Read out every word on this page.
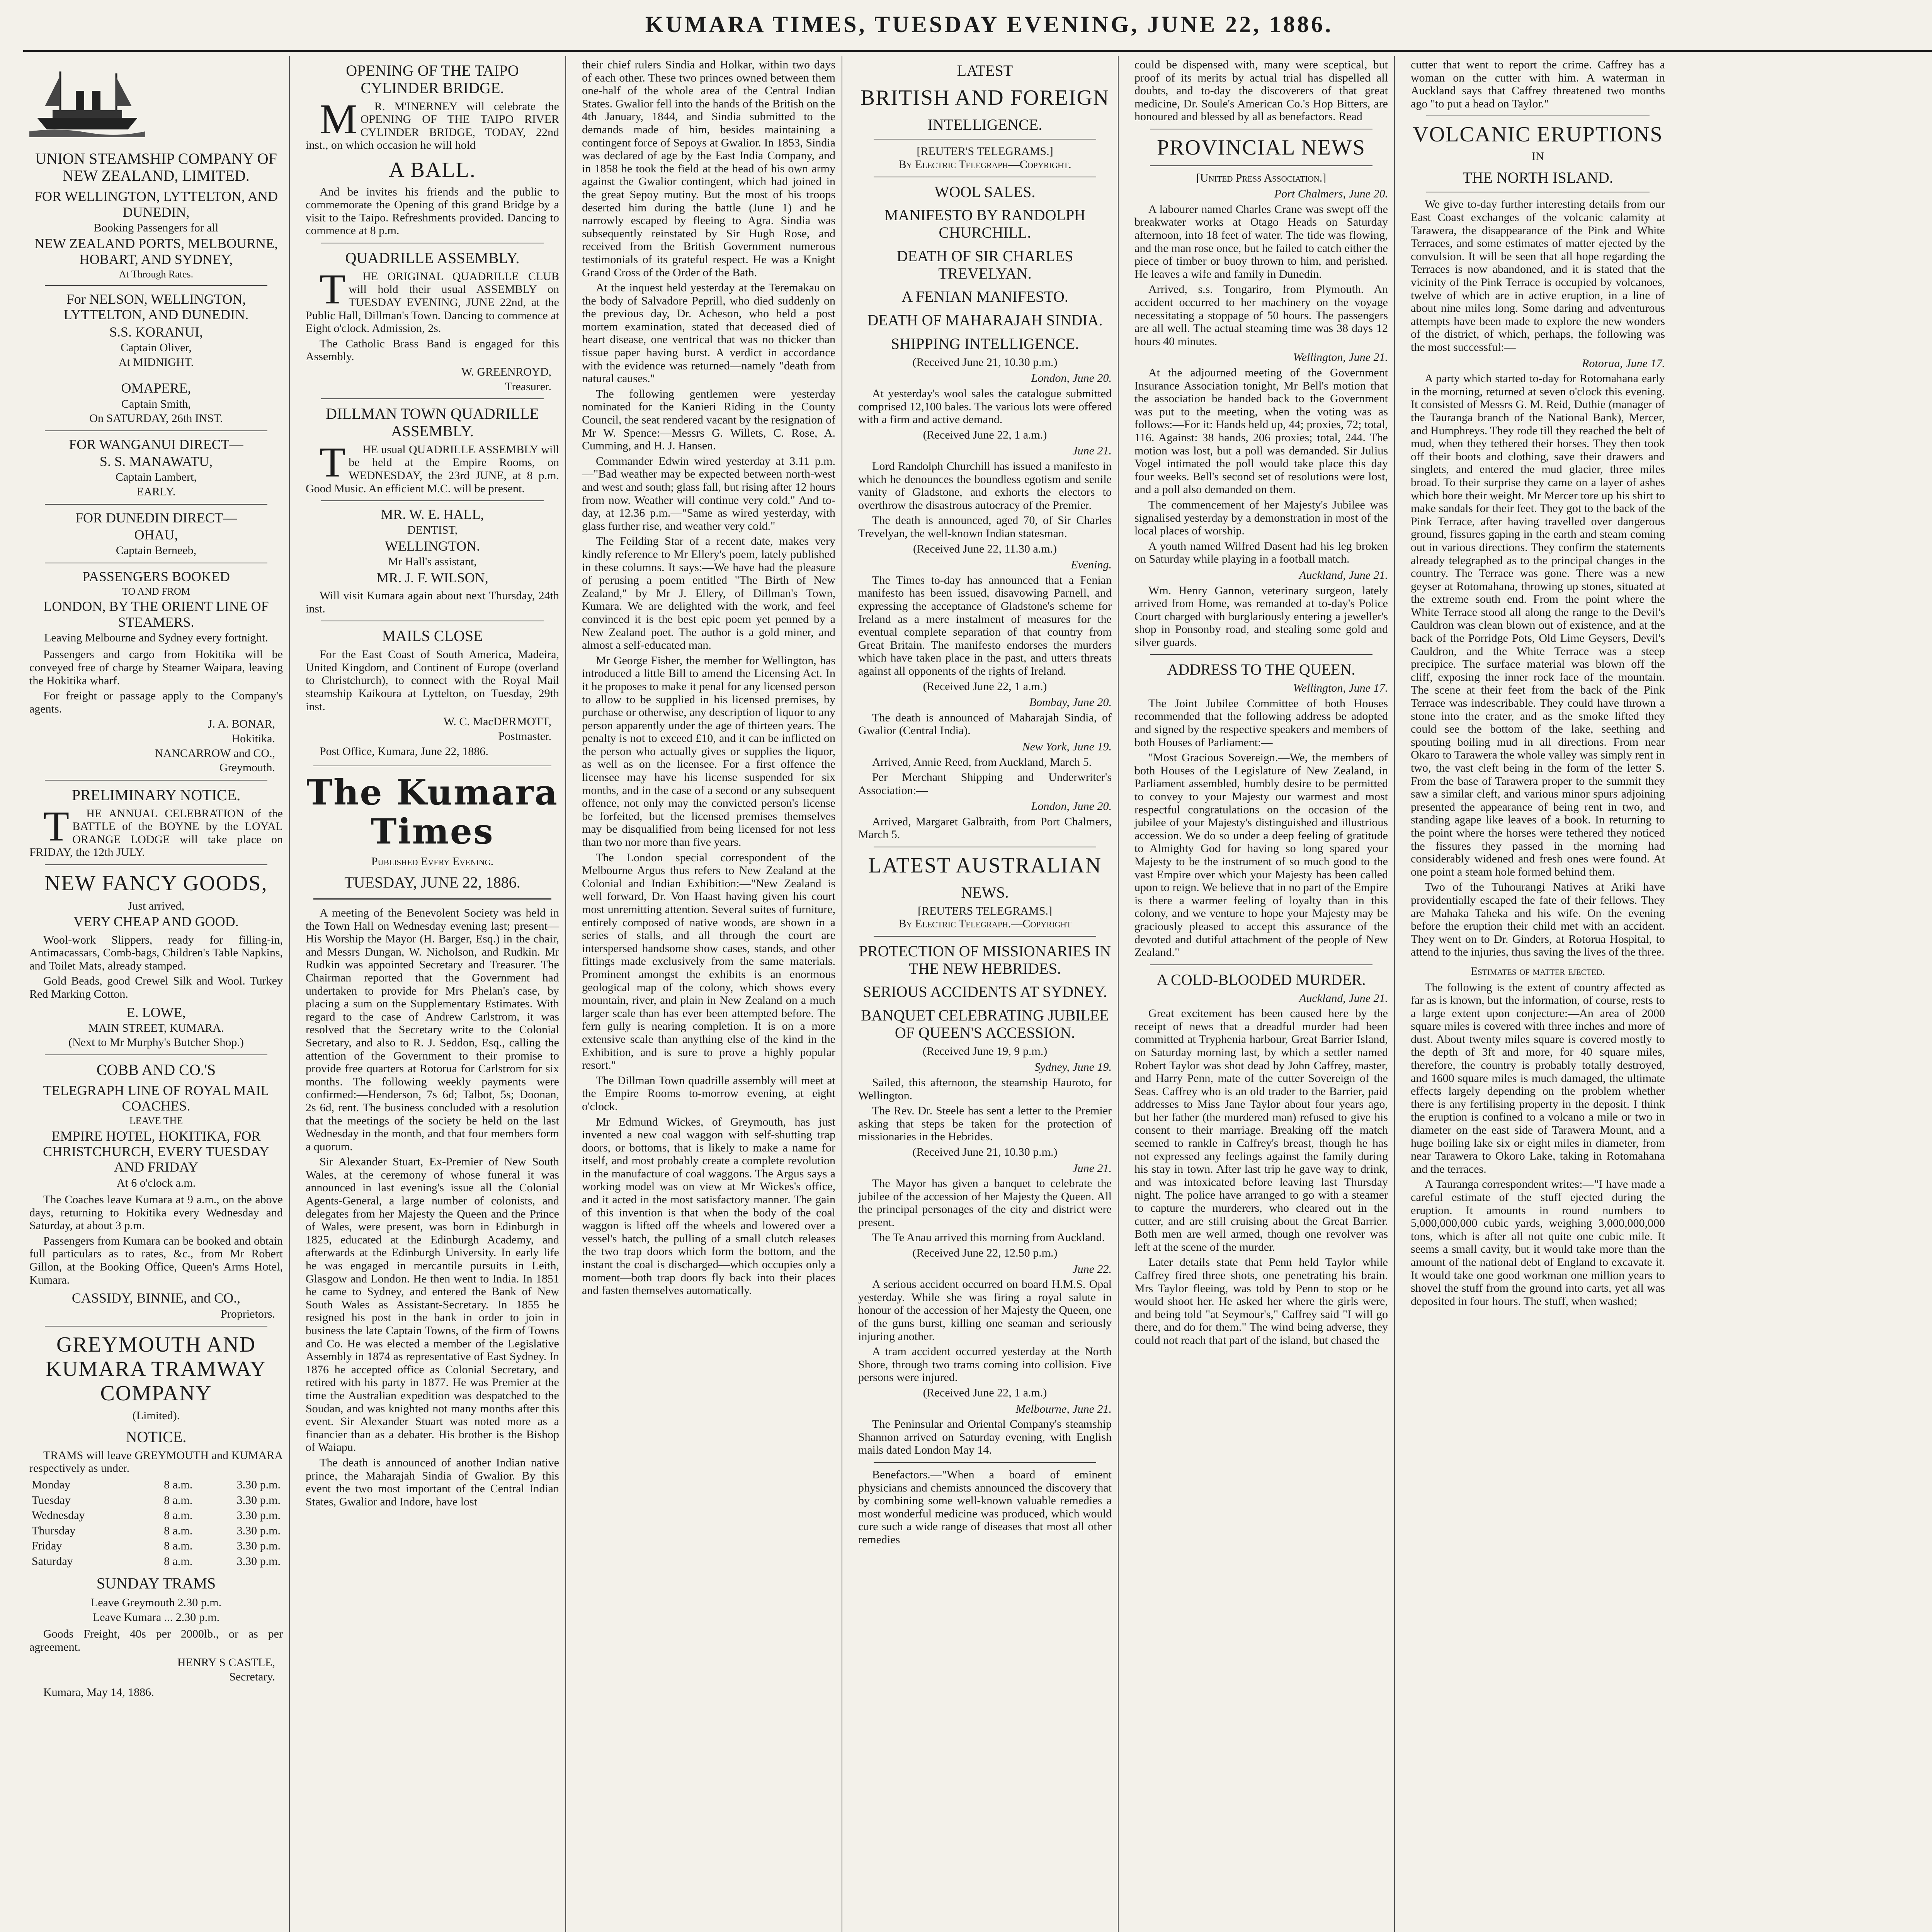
KUMARA TIMES, TUESDAY EVENING, JUNE 22, 1886.
UNION STEAMSHIP COMPANY OF NEW ZEALAND, LIMITED.
FOR WELLINGTON, LYTTELTON, AND DUNEDIN,
Booking Passengers for all
NEW ZEALAND PORTS, MELBOURNE, HOBART, AND SYDNEY,
At Through Rates.
For NELSON, WELLINGTON, LYTTELTON, AND DUNEDIN.
S.S. KORANUI,
Captain Oliver,
At MIDNIGHT.
OMAPERE,
Captain Smith,
On SATURDAY, 26th INST.
FOR WANGANUI DIRECT—
S. S. MANAWATU,
Captain Lambert,
EARLY.
FOR DUNEDIN DIRECT—
OHAU,
Captain Berneeb,
PASSENGERS BOOKED
TO AND FROM
LONDON, BY THE ORIENT LINE OF STEAMERS.
Leaving Melbourne and Sydney every fortnight.
Passengers and cargo from Hokitika will be conveyed free of charge by Steamer Waipara, leaving the Hokitika wharf.
For freight or passage apply to the Company's agents.
J. A. BONAR,
Hokitika.
NANCARROW and CO.,
Greymouth.
PRELIMINARY NOTICE.
THE ANNUAL CELEBRATION of the BATTLE of the BOYNE by the LOYAL ORANGE LODGE will take place on FRIDAY, the 12th JULY.
NEW FANCY GOODS,
Just arrived,
VERY CHEAP AND GOOD.
Wool-work Slippers, ready for filling-in, Antimacassars, Comb-bags, Children's Table Napkins, and Toilet Mats, already stamped.
Gold Beads, good Crewel Silk and Wool. Turkey Red Marking Cotton.
E. LOWE,
MAIN STREET, KUMARA.
(Next to Mr Murphy's Butcher Shop.)
COBB AND CO.'S
TELEGRAPH LINE OF ROYAL MAIL COACHES.
LEAVE THE
EMPIRE HOTEL, HOKITIKA, FOR CHRISTCHURCH, EVERY TUESDAY AND FRIDAY
At 6 o'clock a.m.
The Coaches leave Kumara at 9 a.m., on the above days, returning to Hokitika every Wednesday and Saturday, at about 3 p.m.
Passengers from Kumara can be booked and obtain full particulars as to rates, &c., from Mr Robert Gillon, at the Booking Office, Queen's Arms Hotel, Kumara.
CASSIDY, BINNIE, and CO.,
Proprietors.
GREYMOUTH AND KUMARA TRAMWAY COMPANY
(Limited).
NOTICE.
TRAMS will leave GREYMOUTH and KUMARA respectively as under.
Monday	8 a.m.	3.30 p.m.
Tuesday	8 a.m.	3.30 p.m.
Wednesday	8 a.m.	3.30 p.m.
Thursday	8 a.m.	3.30 p.m.
Friday	8 a.m.	3.30 p.m.
Saturday	8 a.m.	3.30 p.m.
SUNDAY TRAMS
Leave Greymouth 2.30 p.m.
Leave Kumara ... 2.30 p.m.
Goods Freight, 40s per 2000lb., or as per agreement.
HENRY S CASTLE,
Secretary.
Kumara, May 14, 1886.
OPENING OF THE TAIPO CYLINDER BRIDGE.
MR. M'INERNEY will celebrate the OPENING OF THE TAIPO RIVER CYLINDER BRIDGE, TODAY, 22nd inst., on which occasion he will hold
A BALL.
And be invites his friends and the public to commemorate the Opening of this grand Bridge by a visit to the Taipo. Refreshments provided. Dancing to commence at 8 p.m.
QUADRILLE ASSEMBLY.
THE ORIGINAL QUADRILLE CLUB will hold their usual ASSEMBLY on TUESDAY EVENING, JUNE 22nd, at the Public Hall, Dillman's Town. Dancing to commence at Eight o'clock. Admission, 2s.
The Catholic Brass Band is engaged for this Assembly.
W. GREENROYD,
Treasurer.
DILLMAN TOWN QUADRILLE ASSEMBLY.
THE usual QUADRILLE ASSEMBLY will be held at the Empire Rooms, on WEDNESDAY, the 23rd JUNE, at 8 p.m. Good Music. An efficient M.C. will be present.
MR. W. E. HALL,
DENTIST,
WELLINGTON.
Mr Hall's assistant,
MR. J. F. WILSON,
Will visit Kumara again about next Thursday, 24th inst.
MAILS CLOSE
For the East Coast of South America, Madeira, United Kingdom, and Continent of Europe (overland to Christchurch), to connect with the Royal Mail steamship Kaikoura at Lyttelton, on Tuesday, 29th inst.
W. C. MacDERMOTT,
Postmaster.
Post Office, Kumara, June 22, 1886.
The Kumara Times
Published Every Evening.
TUESDAY, JUNE 22, 1886.
A meeting of the Benevolent Society was held in the Town Hall on Wednesday evening last; present—His Worship the Mayor (H. Barger, Esq.) in the chair, and Messrs Dungan, W. Nicholson, and Rudkin. Mr Rudkin was appointed Secretary and Treasurer. The Chairman reported that the Government had undertaken to provide for Mrs Phelan's case, by placing a sum on the Supplementary Estimates. With regard to the case of Andrew Carlstrom, it was resolved that the Secretary write to the Colonial Secretary, and also to R. J. Seddon, Esq., calling the attention of the Government to their promise to provide free quarters at Rotorua for Carlstrom for six months. The following weekly payments were confirmed:—Henderson, 7s 6d; Talbot, 5s; Doonan, 2s 6d, rent. The business concluded with a resolution that the meetings of the society be held on the last Wednesday in the month, and that four members form a quorum.
Sir Alexander Stuart, Ex-Premier of New South Wales, at the ceremony of whose funeral it was announced in last evening's issue all the Colonial Agents-General, a large number of colonists, and delegates from her Majesty the Queen and the Prince of Wales, were present, was born in Edinburgh in 1825, educated at the Edinburgh Academy, and afterwards at the Edinburgh University. In early life he was engaged in mercantile pursuits in Leith, Glasgow and London. He then went to India. In 1851 he came to Sydney, and entered the Bank of New South Wales as Assistant-Secretary. In 1855 he resigned his post in the bank in order to join in business the late Captain Towns, of the firm of Towns and Co. He was elected a member of the Legislative Assembly in 1874 as representative of East Sydney. In 1876 he accepted office as Colonial Secretary, and retired with his party in 1877. He was Premier at the time the Australian expedition was despatched to the Soudan, and was knighted not many months after this event. Sir Alexander Stuart was noted more as a financier than as a debater. His brother is the Bishop of Waiapu.
The death is announced of another Indian native prince, the Maharajah Sindia of Gwalior. By this event the two most important of the Central Indian States, Gwalior and Indore, have lost
their chief rulers Sindia and Holkar, within two days of each other. These two princes owned between them one-half of the whole area of the Central Indian States. Gwalior fell into the hands of the British on the 4th January, 1844, and Sindia submitted to the demands made of him, besides maintaining a contingent force of Sepoys at Gwalior. In 1853, Sindia was declared of age by the East India Company, and in 1858 he took the field at the head of his own army against the Gwalior contingent, which had joined in the great Sepoy mutiny. But the most of his troops deserted him during the battle (June 1) and he narrowly escaped by fleeing to Agra. Sindia was subsequently reinstated by Sir Hugh Rose, and received from the British Government numerous testimonials of its grateful respect. He was a Knight Grand Cross of the Order of the Bath.
At the inquest held yesterday at the Teremakau on the body of Salvadore Peprill, who died suddenly on the previous day, Dr. Acheson, who held a post mortem examination, stated that deceased died of heart disease, one ventrical that was no thicker than tissue paper having burst. A verdict in accordance with the evidence was returned—namely "death from natural causes."
The following gentlemen were yesterday nominated for the Kanieri Riding in the County Council, the seat rendered vacant by the resignation of Mr W. Spence:—Messrs G. Willets, C. Rose, A. Cumming, and H. J. Hansen.
Commander Edwin wired yesterday at 3.11 p.m.—"Bad weather may be expected between north-west and west and south; glass fall, but rising after 12 hours from now. Weather will continue very cold." And to-day, at 12.36 p.m.—"Same as wired yesterday, with glass further rise, and weather very cold."
The Feilding Star of a recent date, makes very kindly reference to Mr Ellery's poem, lately published in these columns. It says:—We have had the pleasure of perusing a poem entitled "The Birth of New Zealand," by Mr J. Ellery, of Dillman's Town, Kumara. We are delighted with the work, and feel convinced it is the best epic poem yet penned by a New Zealand poet. The author is a gold miner, and almost a self-educated man.
Mr George Fisher, the member for Wellington, has introduced a little Bill to amend the Licensing Act. In it he proposes to make it penal for any licensed person to allow to be supplied in his licensed premises, by purchase or otherwise, any description of liquor to any person apparently under the age of thirteen years. The penalty is not to exceed £10, and it can be inflicted on the person who actually gives or supplies the liquor, as well as on the licensee. For a first offence the licensee may have his license suspended for six months, and in the case of a second or any subsequent offence, not only may the convicted person's license be forfeited, but the licensed premises themselves may be disqualified from being licensed for not less than two nor more than five years.
The London special correspondent of the Melbourne Argus thus refers to New Zealand at the Colonial and Indian Exhibition:—"New Zealand is well forward, Dr. Von Haast having given his court most unremitting attention. Several suites of furniture, entirely composed of native woods, are shown in a series of stalls, and all through the court are interspersed handsome show cases, stands, and other fittings made exclusively from the same materials. Prominent amongst the exhibits is an enormous geological map of the colony, which shows every mountain, river, and plain in New Zealand on a much larger scale than has ever been attempted before. The fern gully is nearing completion. It is on a more extensive scale than anything else of the kind in the Exhibition, and is sure to prove a highly popular resort."
The Dillman Town quadrille assembly will meet at the Empire Rooms to-morrow evening, at eight o'clock.
Mr Edmund Wickes, of Greymouth, has just invented a new coal waggon with self-shutting trap doors, or bottoms, that is likely to make a name for itself, and most probably create a complete revolution in the manufacture of coal waggons. The Argus says a working model was on view at Mr Wickes's office, and it acted in the most satisfactory manner. The gain of this invention is that when the body of the coal waggon is lifted off the wheels and lowered over a vessel's hatch, the pulling of a small clutch releases the two trap doors which form the bottom, and the instant the coal is discharged—which occupies only a moment—both trap doors fly back into their places and fasten themselves automatically.
LATEST
BRITISH AND FOREIGN
INTELLIGENCE.
[REUTER'S TELEGRAMS.]
By Electric Telegraph—Copyright.
WOOL SALES.
MANIFESTO BY RANDOLPH CHURCHILL.
DEATH OF SIR CHARLES TREVELYAN.
A FENIAN MANIFESTO.
DEATH OF MAHARAJAH SINDIA.
SHIPPING INTELLIGENCE.
(Received June 21, 10.30 p.m.)
London, June 20.
At yesterday's wool sales the catalogue submitted comprised 12,100 bales. The various lots were offered with a firm and active demand.
(Received June 22, 1 a.m.)
June 21.
Lord Randolph Churchill has issued a manifesto in which he denounces the boundless egotism and senile vanity of Gladstone, and exhorts the electors to overthrow the disastrous autocracy of the Premier.
The death is announced, aged 70, of Sir Charles Trevelyan, the well-known Indian statesman.
(Received June 22, 11.30 a.m.)
Evening.
The Times to-day has announced that a Fenian manifesto has been issued, disavowing Parnell, and expressing the acceptance of Gladstone's scheme for Ireland as a mere instalment of measures for the eventual complete separation of that country from Great Britain. The manifesto endorses the murders which have taken place in the past, and utters threats against all opponents of the rights of Ireland.
(Received June 22, 1 a.m.)
Bombay, June 20.
The death is announced of Maharajah Sindia, of Gwalior (Central India).
New York, June 19.
Arrived, Annie Reed, from Auckland, March 5.
Per Merchant Shipping and Underwriter's Association:—
London, June 20.
Arrived, Margaret Galbraith, from Port Chalmers, March 5.
LATEST AUSTRALIAN
NEWS.
[REUTERS TELEGRAMS.]
By Electric Telegraph.—Copyright
PROTECTION OF MISSIONARIES IN THE NEW HEBRIDES.
SERIOUS ACCIDENTS AT SYDNEY.
BANQUET CELEBRATING JUBILEE OF QUEEN'S ACCESSION.
(Received June 19, 9 p.m.)
Sydney, June 19.
Sailed, this afternoon, the steamship Hauroto, for Wellington.
The Rev. Dr. Steele has sent a letter to the Premier asking that steps be taken for the protection of missionaries in the Hebrides.
(Received June 21, 10.30 p.m.)
June 21.
The Mayor has given a banquet to celebrate the jubilee of the accession of her Majesty the Queen. All the principal personages of the city and district were present.
The Te Anau arrived this morning from Auckland.
(Received June 22, 12.50 p.m.)
June 22.
A serious accident occurred on board H.M.S. Opal yesterday. While she was firing a royal salute in honour of the accession of her Majesty the Queen, one of the guns burst, killing one seaman and seriously injuring another.
A tram accident occurred yesterday at the North Shore, through two trams coming into collision. Five persons were injured.
(Received June 22, 1 a.m.)
Melbourne, June 21.
The Peninsular and Oriental Company's steamship Shannon arrived on Saturday evening, with English mails dated London May 14.
Benefactors.—"When a board of eminent physicians and chemists announced the discovery that by combining some well-known valuable remedies a most wonderful medicine was produced, which would cure such a wide range of diseases that most all other remedies
could be dispensed with, many were sceptical, but proof of its merits by actual trial has dispelled all doubts, and to-day the discoverers of that great medicine, Dr. Soule's American Co.'s Hop Bitters, are honoured and blessed by all as benefactors. Read
PROVINCIAL NEWS
[United Press Association.]
Port Chalmers, June 20.
A labourer named Charles Crane was swept off the breakwater works at Otago Heads on Saturday afternoon, into 18 feet of water. The tide was flowing, and the man rose once, but he failed to catch either the piece of timber or buoy thrown to him, and perished. He leaves a wife and family in Dunedin.
Arrived, s.s. Tongariro, from Plymouth. An accident occurred to her machinery on the voyage necessitating a stoppage of 50 hours. The passengers are all well. The actual steaming time was 38 days 12 hours 40 minutes.
Wellington, June 21.
At the adjourned meeting of the Government Insurance Association tonight, Mr Bell's motion that the association be handed back to the Government was put to the meeting, when the voting was as follows:—For it: Hands held up, 44; proxies, 72; total, 116. Against: 38 hands, 206 proxies; total, 244. The motion was lost, but a poll was demanded. Sir Julius Vogel intimated the poll would take place this day four weeks. Bell's second set of resolutions were lost, and a poll also demanded on them.
The commencement of her Majesty's Jubilee was signalised yesterday by a demonstration in most of the local places of worship.
A youth named Wilfred Dasent had his leg broken on Saturday while playing in a football match.
Auckland, June 21.
Wm. Henry Gannon, veterinary surgeon, lately arrived from Home, was remanded at to-day's Police Court charged with burglariously entering a jeweller's shop in Ponsonby road, and stealing some gold and silver guards.
ADDRESS TO THE QUEEN.
Wellington, June 17.
The Joint Jubilee Committee of both Houses recommended that the following address be adopted and signed by the respective speakers and members of both Houses of Parliament:—
"Most Gracious Sovereign.—We, the members of both Houses of the Legislature of New Zealand, in Parliament assembled, humbly desire to be permitted to convey to your Majesty our warmest and most respectful congratulations on the occasion of the jubilee of your Majesty's distinguished and illustrious accession. We do so under a deep feeling of gratitude to Almighty God for having so long spared your Majesty to be the instrument of so much good to the vast Empire over which your Majesty has been called upon to reign. We believe that in no part of the Empire is there a warmer feeling of loyalty than in this colony, and we venture to hope your Majesty may be graciously pleased to accept this assurance of the devoted and dutiful attachment of the people of New Zealand."
A COLD-BLOODED MURDER.
Auckland, June 21.
Great excitement has been caused here by the receipt of news that a dreadful murder had been committed at Tryphenia harbour, Great Barrier Island, on Saturday morning last, by which a settler named Robert Taylor was shot dead by John Caffrey, master, and Harry Penn, mate of the cutter Sovereign of the Seas. Caffrey who is an old trader to the Barrier, paid addresses to Miss Jane Taylor about four years ago, but her father (the murdered man) refused to give his consent to their marriage. Breaking off the match seemed to rankle in Caffrey's breast, though he has not expressed any feelings against the family during his stay in town. After last trip he gave way to drink, and was intoxicated before leaving last Thursday night. The police have arranged to go with a steamer to capture the murderers, who cleared out in the cutter, and are still cruising about the Great Barrier. Both men are well armed, though one revolver was left at the scene of the murder.
Later details state that Penn held Taylor while Caffrey fired three shots, one penetrating his brain. Mrs Taylor fleeing, was told by Penn to stop or he would shoot her. He asked her where the girls were, and being told "at Seymour's," Caffrey said "I will go there, and do for them." The wind being adverse, they could not reach that part of the island, but chased the
cutter that went to report the crime. Caffrey has a woman on the cutter with him. A waterman in Auckland says that Caffrey threatened two months ago "to put a head on Taylor."
VOLCANIC ERUPTIONS
IN
THE NORTH ISLAND.
We give to-day further interesting details from our East Coast exchanges of the volcanic calamity at Tarawera, the disappearance of the Pink and White Terraces, and some estimates of matter ejected by the convulsion. It will be seen that all hope regarding the Terraces is now abandoned, and it is stated that the vicinity of the Pink Terrace is occupied by volcanoes, twelve of which are in active eruption, in a line of about nine miles long. Some daring and adventurous attempts have been made to explore the new wonders of the district, of which, perhaps, the following was the most successful:—
Rotorua, June 17.
A party which started to-day for Rotomahana early in the morning, returned at seven o'clock this evening. It consisted of Messrs G. M. Reid, Duthie (manager of the Tauranga branch of the National Bank), Mercer, and Humphreys. They rode till they reached the belt of mud, when they tethered their horses. They then took off their boots and clothing, save their drawers and singlets, and entered the mud glacier, three miles broad. To their surprise they came on a layer of ashes which bore their weight. Mr Mercer tore up his shirt to make sandals for their feet. They got to the back of the Pink Terrace, after having travelled over dangerous ground, fissures gaping in the earth and steam coming out in various directions. They confirm the statements already telegraphed as to the principal changes in the country. The Terrace was gone. There was a new geyser at Rotomahana, throwing up stones, situated at the extreme south end. From the point where the White Terrace stood all along the range to the Devil's Cauldron was clean blown out of existence, and at the back of the Porridge Pots, Old Lime Geysers, Devil's Cauldron, and the White Terrace was a steep precipice. The surface material was blown off the cliff, exposing the inner rock face of the mountain. The scene at their feet from the back of the Pink Terrace was indescribable. They could have thrown a stone into the crater, and as the smoke lifted they could see the bottom of the lake, seething and spouting boiling mud in all directions. From near Okaro to Tarawera the whole valley was simply rent in two, the vast cleft being in the form of the letter S. From the base of Tarawera proper to the summit they saw a similar cleft, and various minor spurs adjoining presented the appearance of being rent in two, and standing agape like leaves of a book. In returning to the point where the horses were tethered they noticed the fissures they passed in the morning had considerably widened and fresh ones were found. At one point a steam hole formed behind them.
Two of the Tuhourangi Natives at Ariki have providentially escaped the fate of their fellows. They are Mahaka Taheka and his wife. On the evening before the eruption their child met with an accident. They went on to Dr. Ginders, at Rotorua Hospital, to attend to the injuries, thus saving the lives of the three.
Estimates of matter ejected.
The following is the extent of country affected as far as is known, but the information, of course, rests to a large extent upon conjecture:—An area of 2000 square miles is covered with three inches and more of dust. About twenty miles square is covered mostly to the depth of 3ft and more, for 40 square miles, therefore, the country is probably totally destroyed, and 1600 square miles is much damaged, the ultimate effects largely depending on the problem whether there is any fertilising property in the deposit. I think the eruption is confined to a volcano a mile or two in diameter on the east side of Tarawera Mount, and a huge boiling lake six or eight miles in diameter, from near Tarawera to Okoro Lake, taking in Rotomahana and the terraces.
A Tauranga correspondent writes:—"I have made a careful estimate of the stuff ejected during the eruption. It amounts in round numbers to 5,000,000,000 cubic yards, weighing 3,000,000,000 tons, which is after all not quite one cubic mile. It seems a small cavity, but it would take more than the amount of the national debt of England to excavate it. It would take one good workman one million years to shovel the stuff from the ground into carts, yet all was deposited in four hours. The stuff, when washed;
